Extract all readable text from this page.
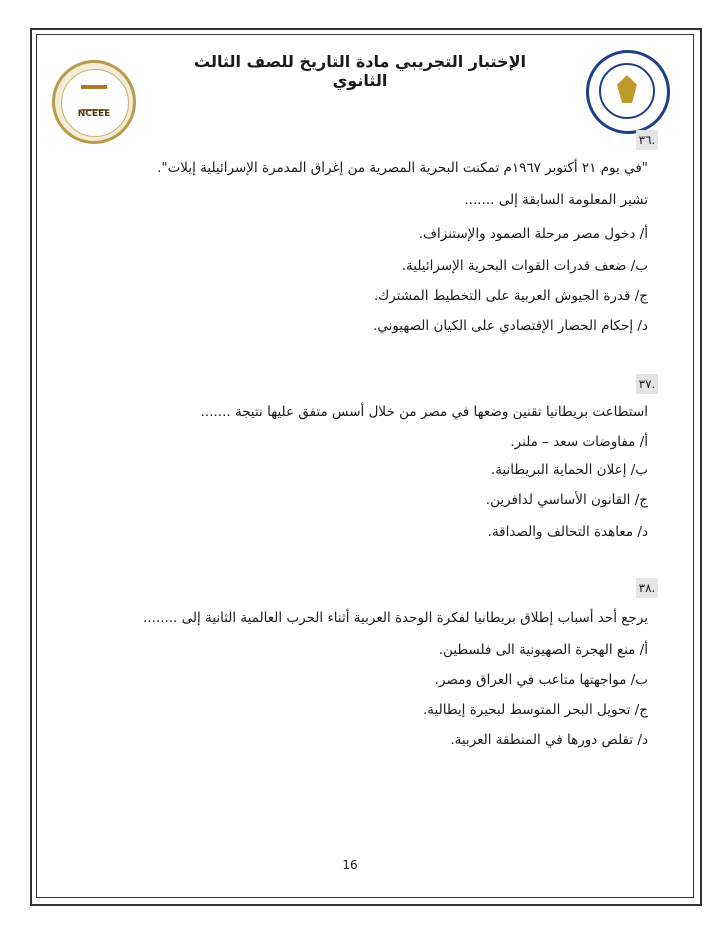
NCEEE
الإختبار التجريبي مادة التاريخ للصف الثالث الثانوي
٣٦.
"في يوم ٢١ أكتوبر ١٩٦٧م تمكنت البحرية المصرية من إغراق المدمرة الإسرائيلية إيلات".
تشير المعلومة السابقة إلى .......
أ/ دخول مصر مرحلة الصمود والإستنزاف.
ب/ ضعف قدرات القوات البحرية الإسرائيلية.
ج/ قدرة الجيوش العربية على التخطيط المشترك.
د/ إحكام الحصار الإقتصادي على الكيان الصهيوني.
٣٧.
استطاعت بريطانيا تقنين وضعها في مصر من خلال أسس متفق عليها نتيجة .......
أ/ مفاوضات سعد – ملنر.
ب/ إعلان الحماية البريطانية.
ج/ القانون الأساسي لدافرين.
د/ معاهدة التحالف والصداقة.
٣٨.
يرجع أحد أسباب إطلاق بريطانيا لفكرة الوحدة العربية أثناء الحرب العالمية الثانية إلى ........
أ/ منع الهجرة الصهيونية الى فلسطين.
ب/ مواجهتها متاعب في العراق ومصر.
ج/ تحويل البحر المتوسط لبحيرة إيطالية.
د/ تقلص دورها في المنطقة العربية.
16
